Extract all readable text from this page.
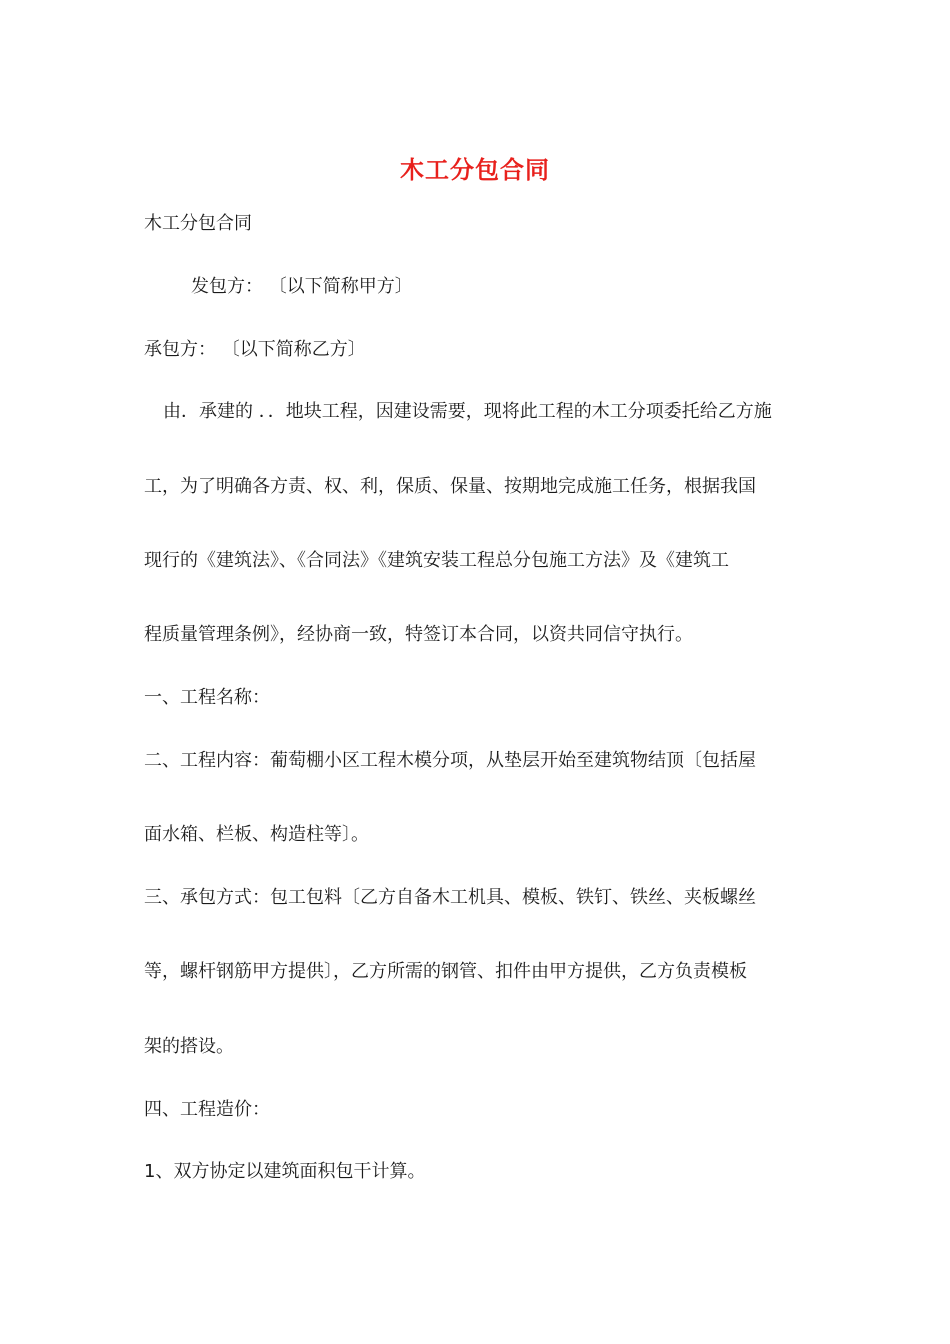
木工分包合同
木工分包合同
发包方： 〔以下简称甲方〕
承包方： 〔以下简称乙方〕
由．承建的 ．．地块工程，因建设需要，现将此工程的木工分项委托给乙方施
工，为了明确各方责、权、利，保质、保量、按期地完成施工任务，根据我国
现行的《建筑法》、《合同法》《建筑安装工程总分包施工方法》及《建筑工
程质量管理条例》，经协商一致，特签订本合同，以资共同信守执行。
一、工程名称：
二、工程内容：葡萄棚小区工程木模分项，从垫层开始至建筑物结顶〔包括屋
面水箱、栏板、构造柱等〕。
三、承包方式：包工包料〔乙方自备木工机具、模板、铁钉、铁丝、夹板螺丝
等，螺杆钢筋甲方提供〕，乙方所需的钢管、扣件由甲方提供，乙方负责模板
架的搭设。
四、工程造价：
1、双方协定以建筑面积包干计算。
